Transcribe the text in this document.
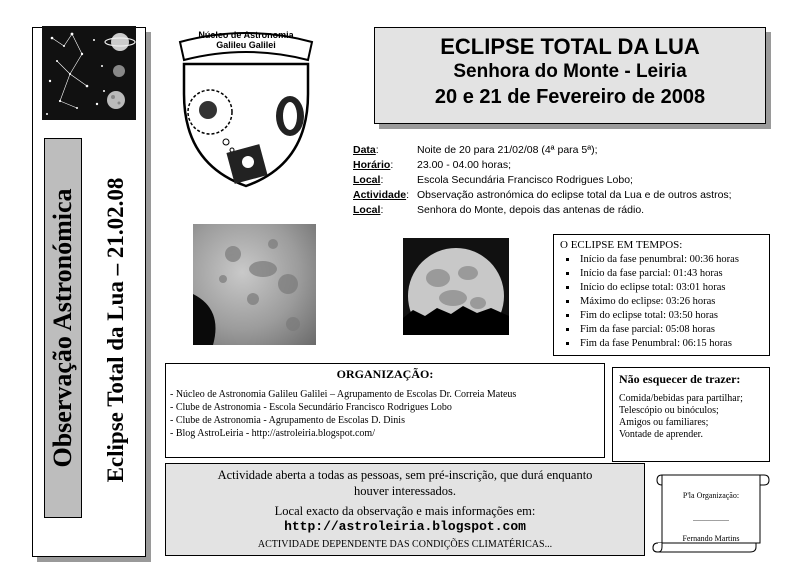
Observação Astronómica Eclipse Total da Lua – 21.02.08
Núcleo de Astronomia
Galileu Galilei	ECLIPSE TOTAL DA LUA
Senhora do Monte - Leiria
20 e 21 de Fevereiro de 2008
Data:	Noite de 20 para 21/02/08 (4ª para 5ª);
Horário:	23.00 - 04.00 horas;
Local:	Escola Secundária Francisco Rodrigues Lobo;
Actividade: Observação astronómica do eclipse total da Lua e de outros astros;
Local:	Senhora do Monte, depois das antenas de rádio.
O ECLIPSE EM TEMPOS:
▪ Início da fase penumbral: 00:36 horas
▪ Início da fase parcial: 01:43 horas
▪ Início do eclipse total: 03:01 horas
▪ Máximo do eclipse: 03:26 horas
▪ Fim do eclipse total: 03:50 horas
▪ Fim da fase parcial: 05:08 horas
▪ Fim da fase Penumbral: 06:15 horas
ORGANIZAÇÃO:
- Núcleo de Astronomia Galileu Galilei – Agrupamento de Escolas Dr. Correia Mateus
- Clube de Astronomia - Escola Secundário Francisco Rodrigues Lobo
- Clube de Astronomia - Agrupamento de Escolas D. Dinis
- Blog AstroLeiria - http://astroleiria.blogspot.com/
Não esquecer de trazer:
Comida/bebidas para partilhar;
Telescópio ou binóculos;
Amigos ou familiares;
Vontade de aprender.
Actividade aberta a todas as pessoas, sem pré-inscrição, que durá enquanto
houver interessados.
Local exacto da observação e mais informações em:
http://astroleiria.blogspot.com
ACTIVIDADE DEPENDENTE DAS CONDIÇÕES CLIMATÉRICAS...
P'la Organização:
..................
Fernando Martins
